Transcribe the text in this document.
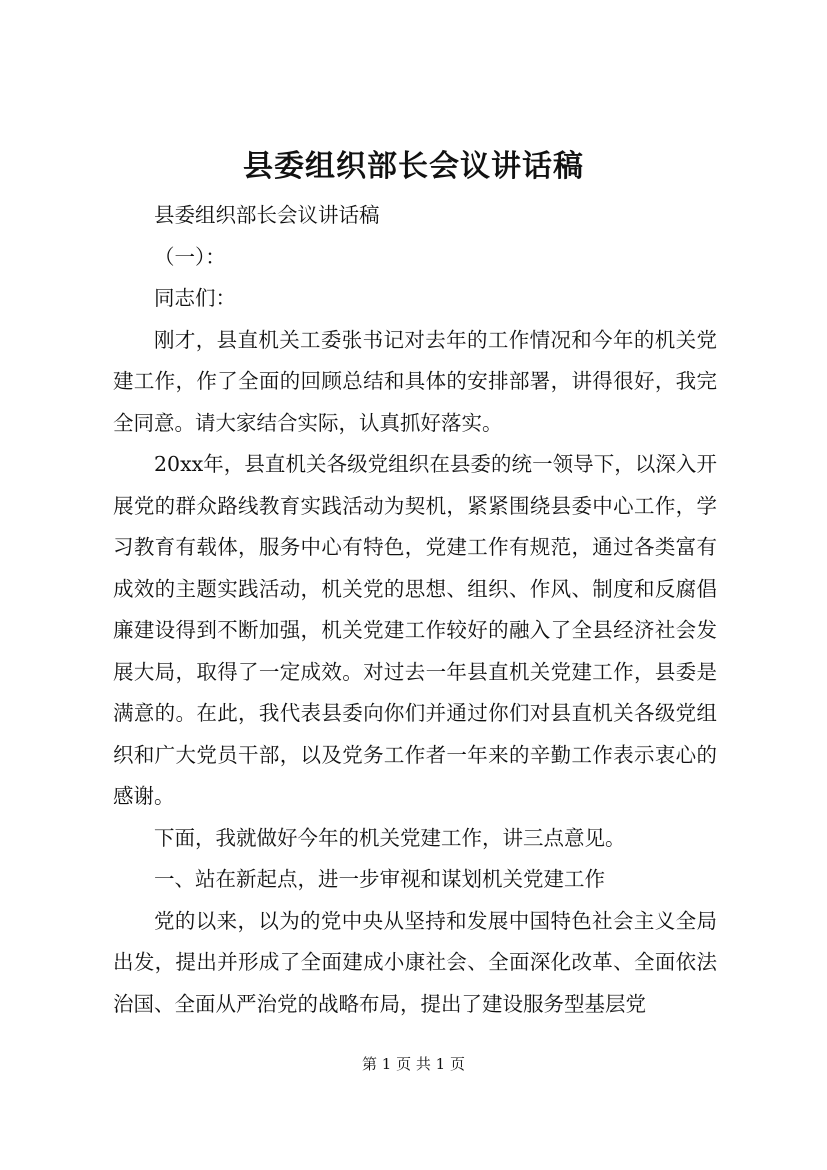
县委组织部长会议讲话稿

县委组织部长会议讲话稿

（一）：

同志们：

刚才，县直机关工委张书记对去年的工作情况和今年的机关党建工作，作了全面的回顾总结和具体的安排部署，讲得很好，我完全同意。请大家结合实际，认真抓好落实。

20xx年，县直机关各级党组织在县委的统一领导下，以深入开展党的群众路线教育实践活动为契机，紧紧围绕县委中心工作，学习教育有载体，服务中心有特色，党建工作有规范，通过各类富有成效的主题实践活动，机关党的思想、组织、作风、制度和反腐倡廉建设得到不断加强，机关党建工作较好的融入了全县经济社会发展大局，取得了一定成效。对过去一年县直机关党建工作，县委是满意的。在此，我代表县委向你们并通过你们对县直机关各级党组织和广大党员干部，以及党务工作者一年来的辛勤工作表示衷心的感谢。

下面，我就做好今年的机关党建工作，讲三点意见。

一、站在新起点，进一步审视和谋划机关党建工作

党的以来，以为的党中央从坚持和发展中国特色社会主义全局出发，提出并形成了全面建成小康社会、全面深化改革、全面依法治国、全面从严治党的战略布局，提出了建设服务型基层党

第 1 页 共 1 页
